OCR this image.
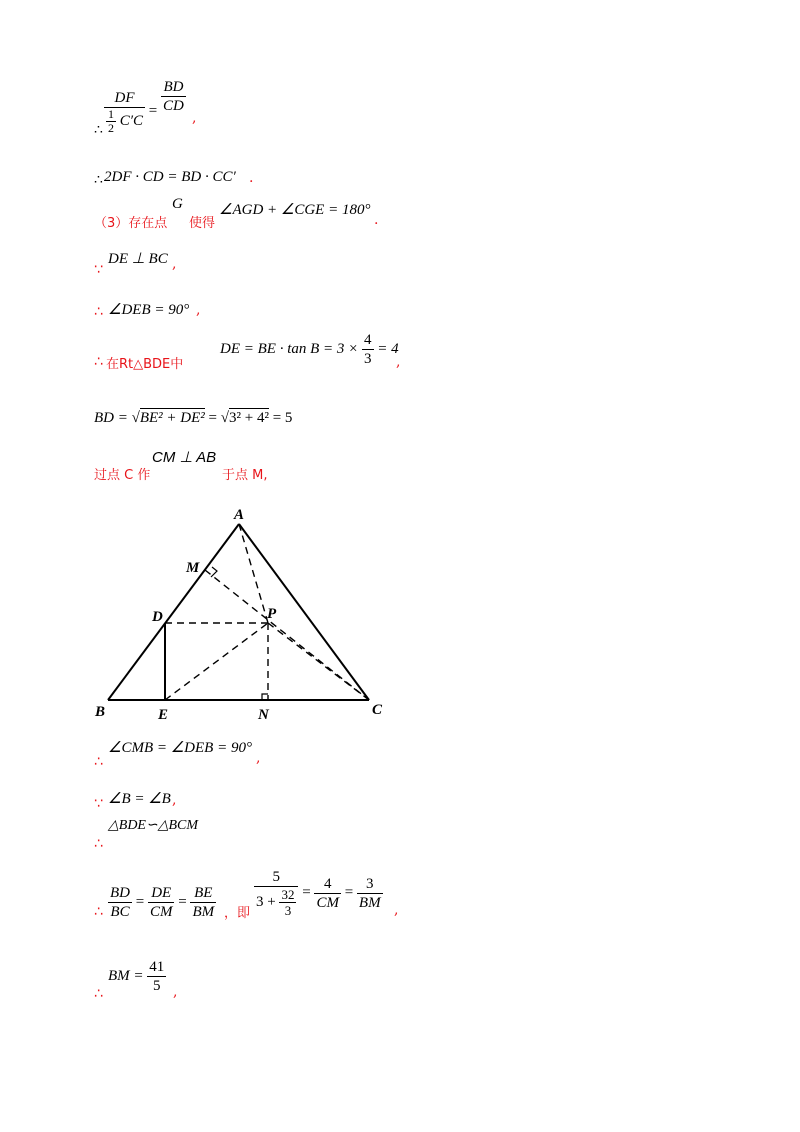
∴ $\frac{DF}{\frac{1}{2} C'C} = \frac{BD}{CD}$
,
∴ 2DF · CD = BD · CC′ .
（3）存在点
G
使得
∠AGD + ∠CGE = 180°
.
∵
DE ⊥ BC ,
∴ ∠DEB = 90° ,
∴ 在Rt△BDE中
DE = BE · $\tan B = 3 \times \frac{4}{3} = 4$
,
BD = √BE² + DE² = √3² + 4² = 5
过点 C 作
CM ⊥ AB
于点 M,
A
B	C
D
E
M
N
P
∴
∠CMB = ∠DEB = 90°
,
∵ ∠B = ∠B ,
∴
△BDE∽△BCM
∴ $\frac{BD}{BC} = \frac{DE}{CM} = \frac{BE}{BM}$ ，即 $\frac{5}{3 + \frac{32}{3}} = \frac{4}{CM} = \frac{3}{BM}$ ,
∴
BM = $\frac{41}{5}$ ,
